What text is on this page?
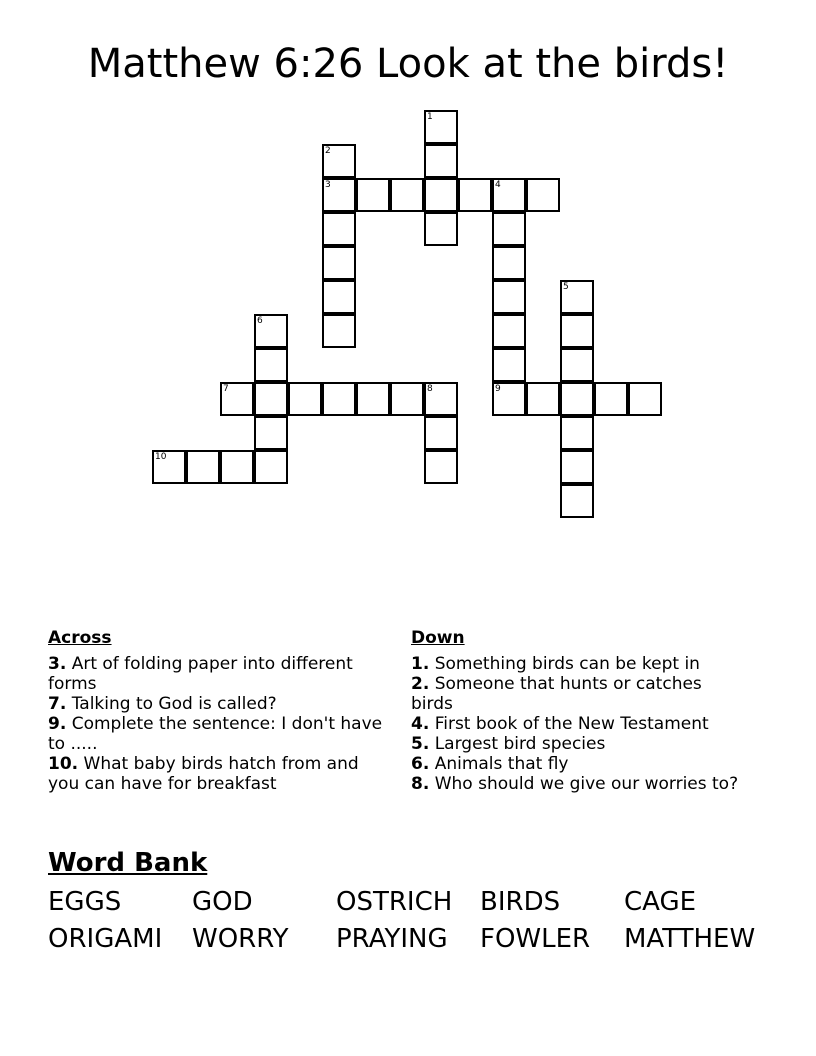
Matthew 6:26 Look at the birds!
1
2
3	4
5
6
7	8	9
10
Across
3. Art of folding paper into different forms
7. Talking to God is called?
9. Complete the sentence: I don't have to .....
10. What baby birds hatch from and you can have for breakfast
Down
1. Something birds can be kept in
2. Someone that hunts or catches birds
4. First book of the New Testament
5. Largest bird species
6. Animals that fly
8. Who should we give our worries to?
Word Bank
EGGS	GOD	OSTRICH	BIRDS	CAGE
ORIGAMI	WORRY	PRAYING	FOWLER	MATTHEW
